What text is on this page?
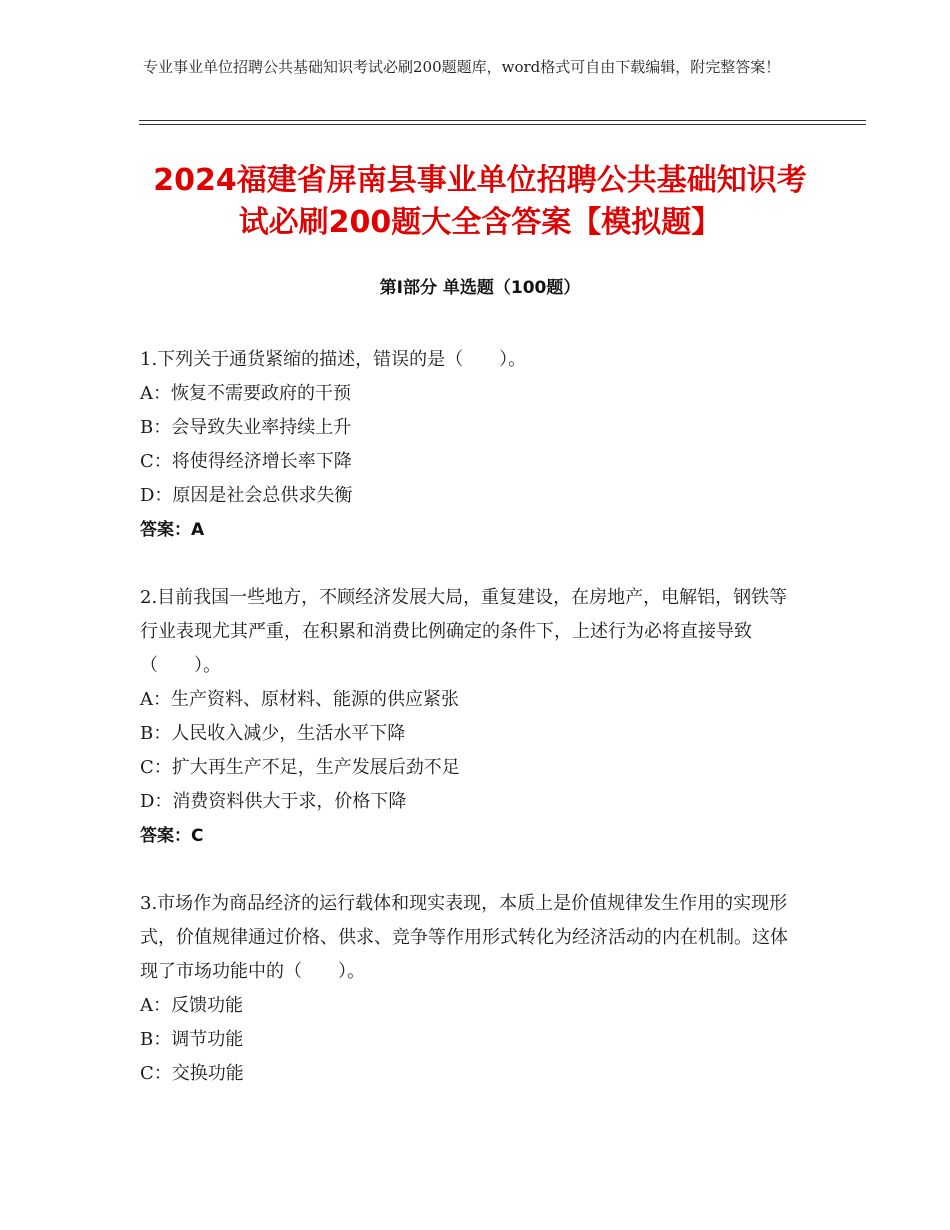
专业事业单位招聘公共基础知识考试必刷200题题库，word格式可自由下载编辑，附完整答案！
2024福建省屏南县事业单位招聘公共基础知识考试必刷200题大全含答案【模拟题】
第Ⅰ部分 单选题（100题）
1.下列关于通货紧缩的描述，错误的是（　　）。
A：恢复不需要政府的干预
B：会导致失业率持续上升
C：将使得经济增长率下降
D：原因是社会总供求失衡
答案：A
2.目前我国一些地方，不顾经济发展大局，重复建设，在房地产，电解铝，钢铁等行业表现尤其严重，在积累和消费比例确定的条件下，上述行为必将直接导致（　　）。
A：生产资料、原材料、能源的供应紧张
B：人民收入减少，生活水平下降
C：扩大再生产不足，生产发展后劲不足
D：消费资料供大于求，价格下降
答案：C
3.市场作为商品经济的运行载体和现实表现，本质上是价值规律发生作用的实现形式，价值规律通过价格、供求、竞争等作用形式转化为经济活动的内在机制。这体现了市场功能中的（　　）。
A：反馈功能
B：调节功能
C：交换功能
